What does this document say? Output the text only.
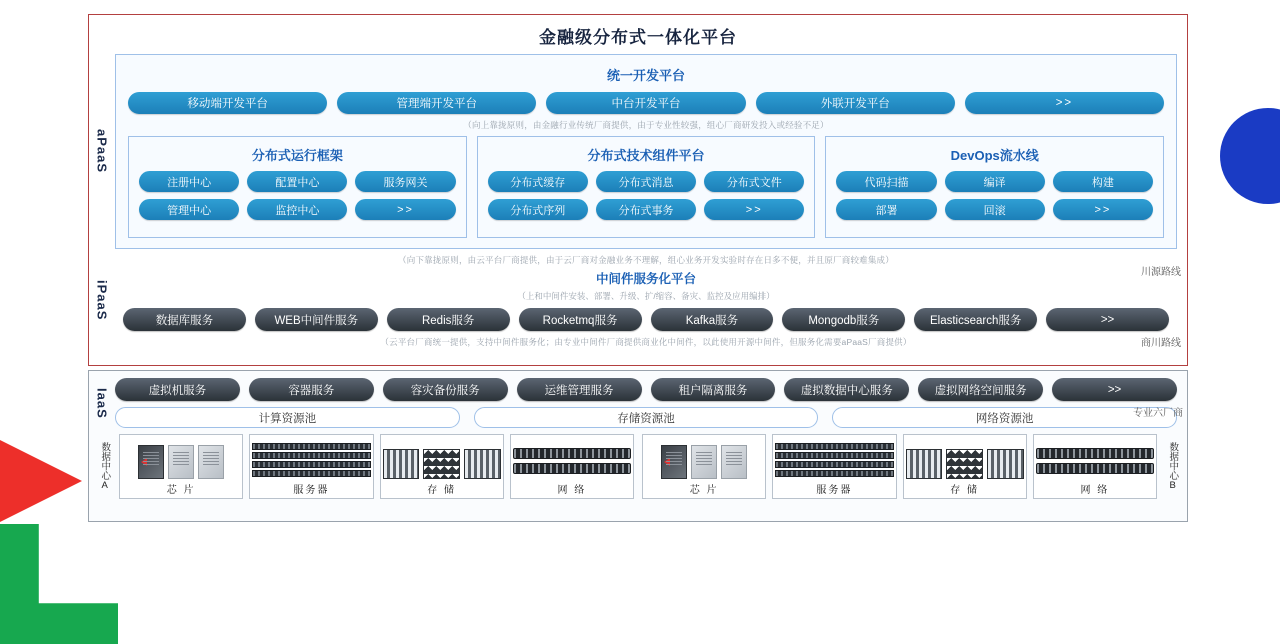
金融级分布式一体化平台
aPaaS
统一开发平台
移动端开发平台	管理端开发平台	中台开发平台	外联开发平台	>>
（向上靠拢原则，由金融行业传统厂商提供，由于专业性较强，组心厂商研发投入或经验不足）
分布式运行框架
注册中心	配置中心	服务网关
管理中心	监控中心	>>
分布式技术组件平台
分布式缓存	分布式消息	分布式文件
分布式序列	分布式事务	>>
DevOps流水线
代码扫描	编译	构建
部署	回滚	>>
iPaaS
（向下靠拢原则，由云平台厂商提供，由于云厂商对金融业务不理解，组心业务开发实验时存在日多不便，并且原厂商较难集成）
中间件服务化平台
（上和中间件安装、部署、升级、扩/缩容、备灾、监控及应用编排）
数据库服务	WEB中间件服务	Redis服务	Rocketmq服务	Kafka服务	Mongodb服务	Elasticsearch服务	>>
（云平台厂商统一提供，支持中间件服务化；由专业中间件厂商提供商业化中间件，以此使用开源中间件，但服务化需要aPaaS厂商提供）
川源路线
商川路线
IaaS	虚拟机服务	容器服务	容灾备份服务	运维管理服务	租户隔离服务	虚拟数据中心服务	虚拟网络空间服务	>>
计算资源池	存储资源池	网络资源池	专业六厂商
数据中心A	芯 片	服务器	存 储	网 络	芯 片	服务器	存 储	网 络	数据中心B
